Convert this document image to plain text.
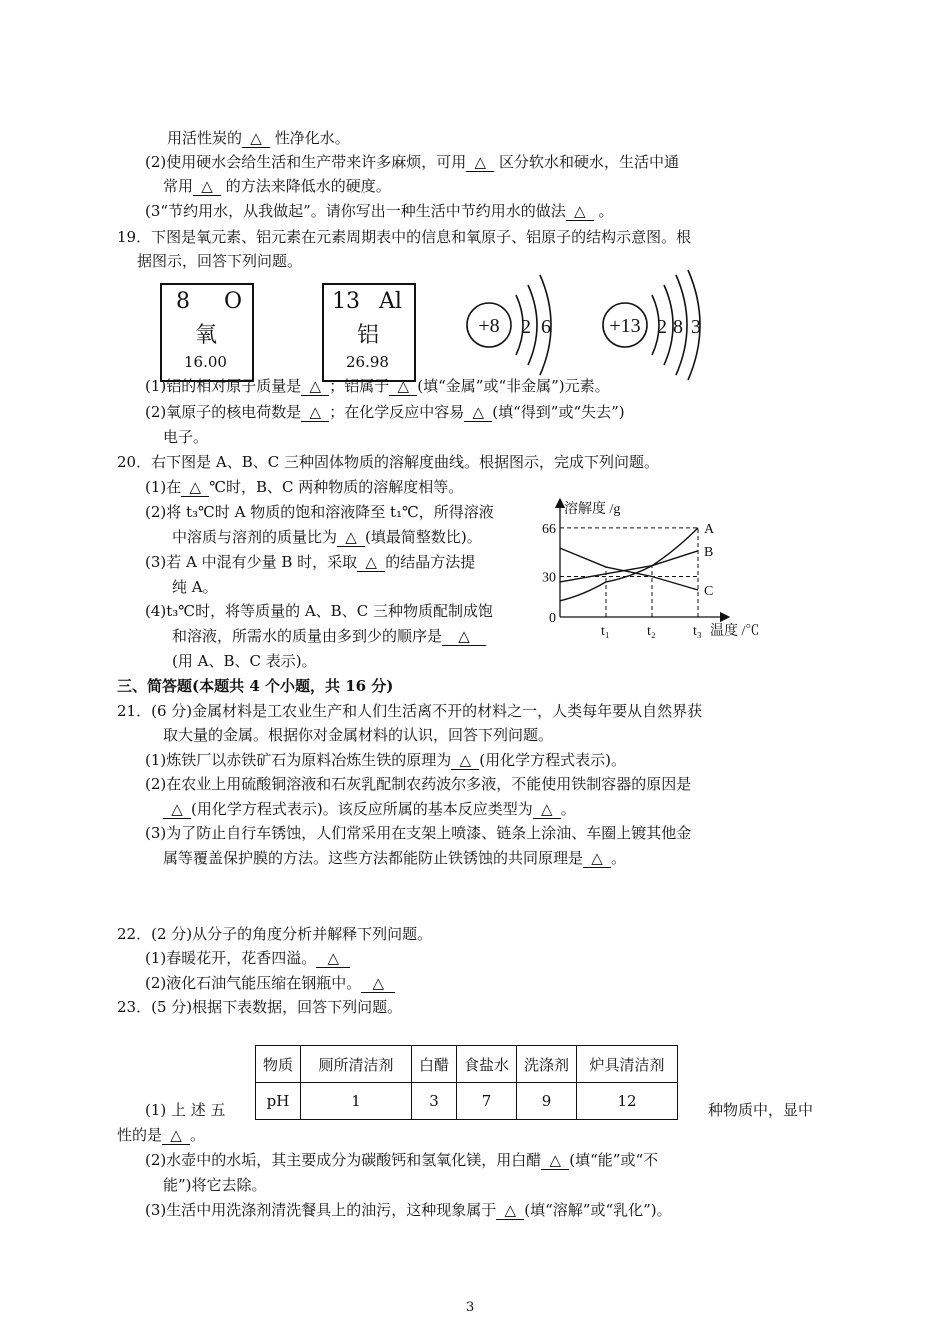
用活性炭的 △ 性净化水。
(2)使用硬水会给生活和生产带来许多麻烦，可用 △ 区分软水和硬水，生活中通
常用 △ 的方法来降低水的硬度。
(3“节约用水，从我做起”。请你写出一种生活中节约用水的做法 △ 。
19．下图是氧元素、铝元素在元素周期表中的信息和氧原子、铝原子的结构示意图。根
据图示，回答下列问题。
8 O
氧
16.00
13 Al
铝
26.98
+8 2 6	+13 2 8 3
(1)铝的相对原子质量是 △ ；铝属于 △ (填“金属”或“非金属”)元素。
(2)氧原子的核电荷数是 △ ；在化学反应中容易 △ (填“得到”或“失去”)
电子。
20．右下图是 A、B、C 三种固体物质的溶解度曲线。根据图示，完成下列问题。
(1)在 △ ℃时，B、C 两种物质的溶解度相等。
(2)将 t₃℃时 A 物质的饱和溶液降至 t₁℃，所得溶液
中溶质与溶剂的质量比为 △ (填最简整数比)。
(3)若 A 中混有少量 B 时，采取 △ 的结晶方法提
纯 A。
(4)t₃℃时，将等质量的 A、B、C 三种物质配制成饱
和溶液，所需水的质量由多到少的顺序是 △
(用 A、B、C 表示)。
A
B
C
t₁	t₂	t₃
0
30
66
溶解度 /g
温度 /℃
三、简答题(本题共 4 个小题，共 16 分)
21．(6 分)金属材料是工农业生产和人们生活离不开的材料之一，人类每年要从自然界获
取大量的金属。根据你对金属材料的认识，回答下列问题。
(1)炼铁厂以赤铁矿石为原料冶炼生铁的原理为 △ (用化学方程式表示)。
(2)在农业上用硫酸铜溶液和石灰乳配制农药波尔多液，不能使用铁制容器的原因是
△ (用化学方程式表示)。该反应所属的基本反应类型为 △ 。
(3)为了防止自行车锈蚀，人们常采用在支架上喷漆、链条上涂油、车圈上镀其他金
属等覆盖保护膜的方法。这些方法都能防止铁锈蚀的共同原理是 △ 。
22．(2 分)从分子的角度分析并解释下列问题。
(1)春暖花开，花香四溢。 △
(2)液化石油气能压缩在钢瓶中。 △
23．(5 分)根据下表数据，回答下列问题。
物质	厕所清洁剂	白醋	食盐水	洗涤剂	炉具清洁剂
pH	1	3	7	9	12
(1) 上 述 五	种物质中，显中
性的是 △ 。
(2)水壶中的水垢，其主要成分为碳酸钙和氢氧化镁，用白醋 △ (填“能”或“不
能”)将它去除。
(3)生活中用洗涤剂清洗餐具上的油污，这种现象属于 △ (填“溶解”或“乳化”)。
3
